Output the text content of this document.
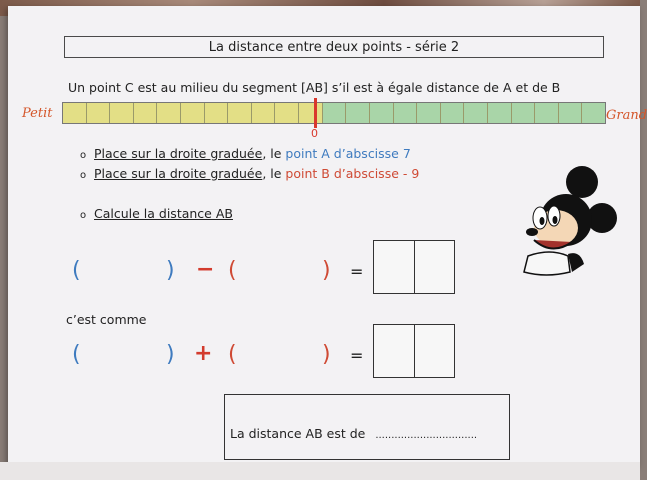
La distance entre deux points - série 2
Un point C est au milieu du segment [AB] s’il est à égale distance de A et de B
Petit	Grand
0
o Place sur la droite graduée, le point A d’abscisse 7
o Place sur la droite graduée, le point B d’abscisse - 9
o Calcule la distance AB
(	) − (	) =
c’est comme
(	) + (	) =
La distance AB est de ................................
